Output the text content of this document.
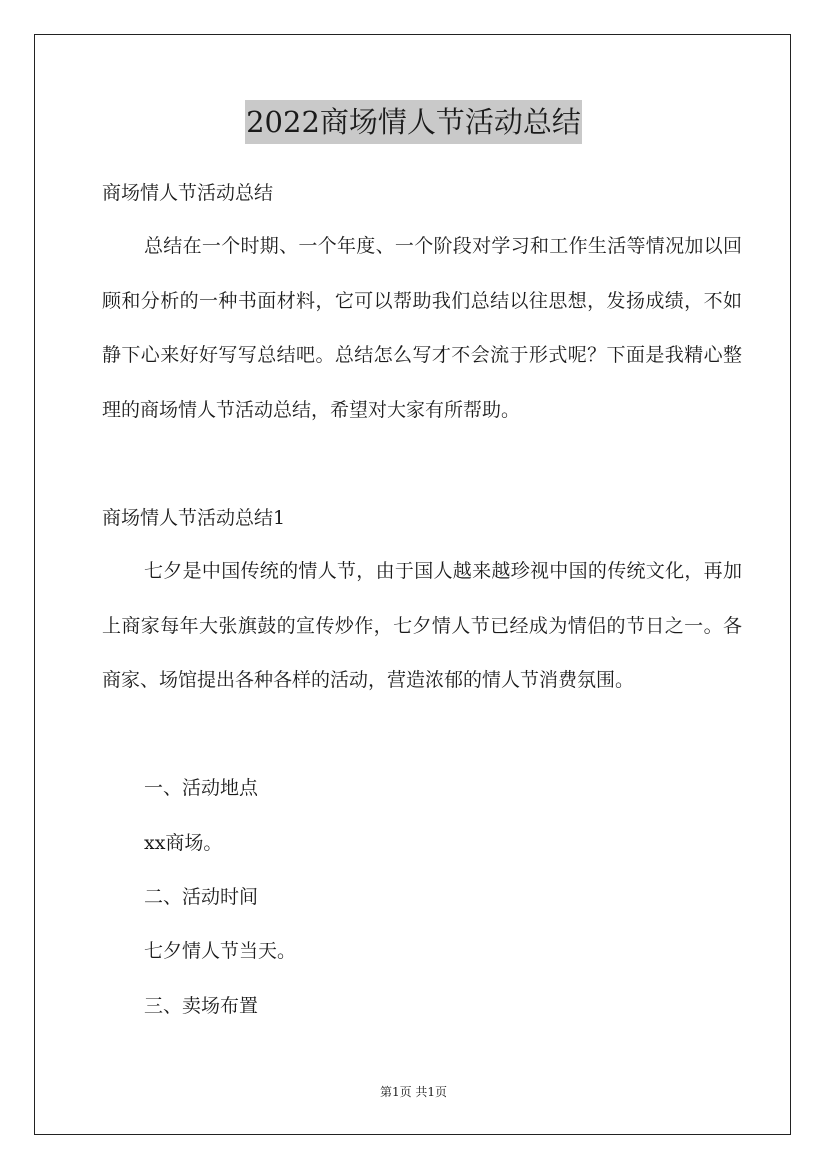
2022商场情人节活动总结
商场情人节活动总结
总结在一个时期、一个年度、一个阶段对学习和工作生活等情况加以回顾和分析的一种书面材料，它可以帮助我们总结以往思想，发扬成绩，不如静下心来好好写写总结吧。总结怎么写才不会流于形式呢？下面是我精心整理的商场情人节活动总结，希望对大家有所帮助。
商场情人节活动总结1
七夕是中国传统的情人节，由于国人越来越珍视中国的传统文化，再加上商家每年大张旗鼓的宣传炒作，七夕情人节已经成为情侣的节日之一。各商家、场馆提出各种各样的活动，营造浓郁的情人节消费氛围。
一、活动地点
xx商场。
二、活动时间
七夕情人节当天。
三、卖场布置
第1页 共1页
